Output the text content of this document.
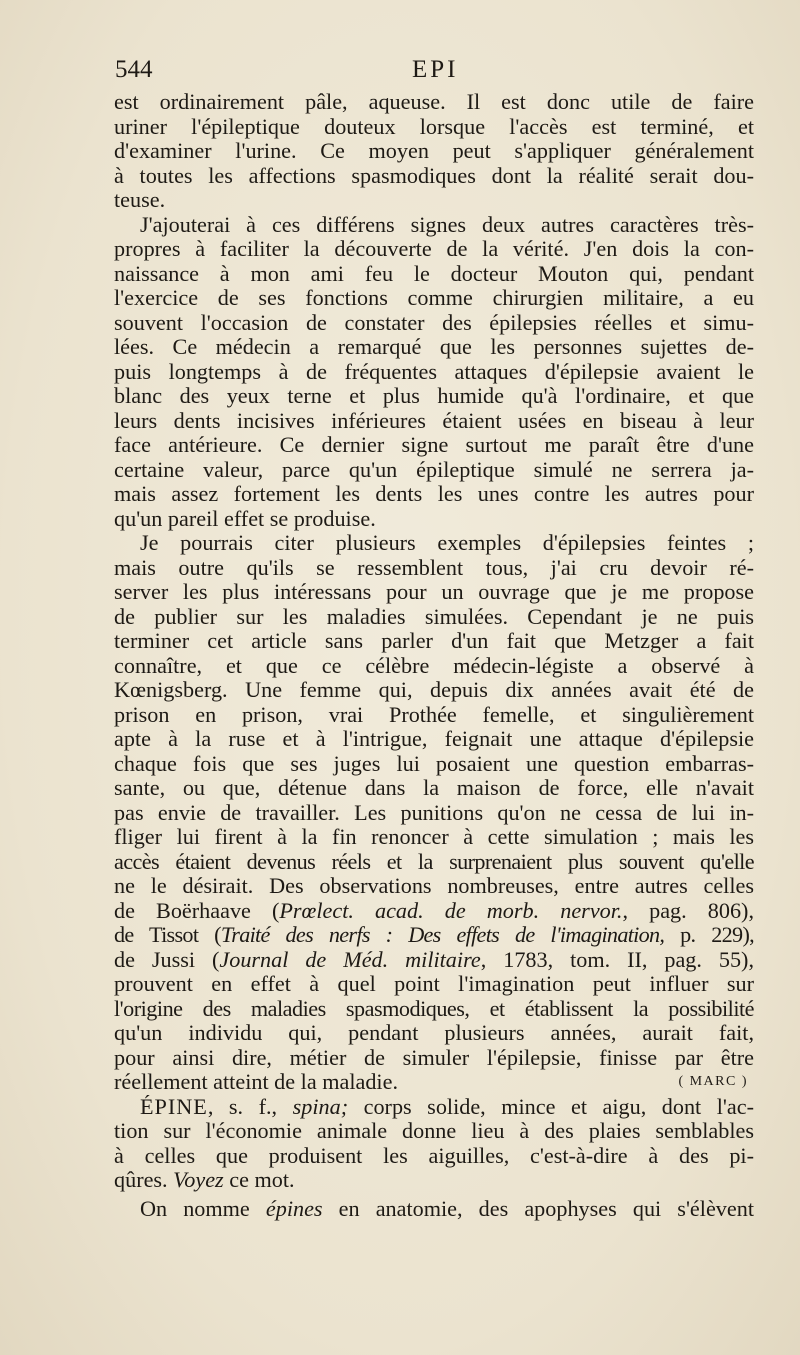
544	EPI

est ordinairement pâle, aqueuse. Il est donc utile de faire
uriner l'épileptique douteux lorsque l'accès est terminé, et
d'examiner l'urine. Ce moyen peut s'appliquer généralement
à toutes les affections spasmodiques dont la réalité serait dou-
teuse.

J'ajouterai à ces différens signes deux autres caractères très-
propres à faciliter la découverte de la vérité. J'en dois la con-
naissance à mon ami feu le docteur Mouton qui, pendant
l'exercice de ses fonctions comme chirurgien militaire, a eu
souvent l'occasion de constater des épilepsies réelles et simu-
lées. Ce médecin a remarqué que les personnes sujettes de-
puis longtemps à de fréquentes attaques d'épilepsie avaient le
blanc des yeux terne et plus humide qu'à l'ordinaire, et que
leurs dents incisives inférieures étaient usées en biseau à leur
face antérieure. Ce dernier signe surtout me paraît être d'une
certaine valeur, parce qu'un épileptique simulé ne serrera ja-
mais assez fortement les dents les unes contre les autres pour
qu'un pareil effet se produise.

Je pourrais citer plusieurs exemples d'épilepsies feintes ;
mais outre qu'ils se ressemblent tous, j'ai cru devoir ré-
server les plus intéressans pour un ouvrage que je me propose
de publier sur les maladies simulées. Cependant je ne puis
terminer cet article sans parler d'un fait que Metzger a fait
connaître, et que ce célèbre médecin-légiste a observé à
Kœnigsberg. Une femme qui, depuis dix années avait été de
prison en prison, vrai Prothée femelle, et singulièrement
apte à la ruse et à l'intrigue, feignait une attaque d'épilepsie
chaque fois que ses juges lui posaient une question embarras-
sante, ou que, détenue dans la maison de force, elle n'avait
pas envie de travailler. Les punitions qu'on ne cessa de lui in-
fliger lui firent à la fin renoncer à cette simulation ; mais les
accès étaient devenus réels et la surprenaient plus souvent qu'elle
ne le désirait. Des observations nombreuses, entre autres celles
de Boërhaave (Prœlect. acad. de morb. nervor., pag. 806),
de Tissot (Traité des nerfs : Des effets de l'imagination, p. 229),
de Jussi (Journal de Méd. militaire, 1783, tom. II, pag. 55),
prouvent en effet à quel point l'imagination peut influer sur
l'origine des maladies spasmodiques, et établissent la possibilité
qu'un individu qui, pendant plusieurs années, aurait fait,
pour ainsi dire, métier de simuler l'épilepsie, finisse par être
réellement atteint de la maladie.	( MARC )

ÉPINE, s. f., spina; corps solide, mince et aigu, dont l'ac-
tion sur l'économie animale donne lieu à des plaies semblables
à celles que produisent les aiguilles, c'est-à-dire à des pi-
qûres. Voyez ce mot.

On nomme épines en anatomie, des apophyses qui s'élèvent
